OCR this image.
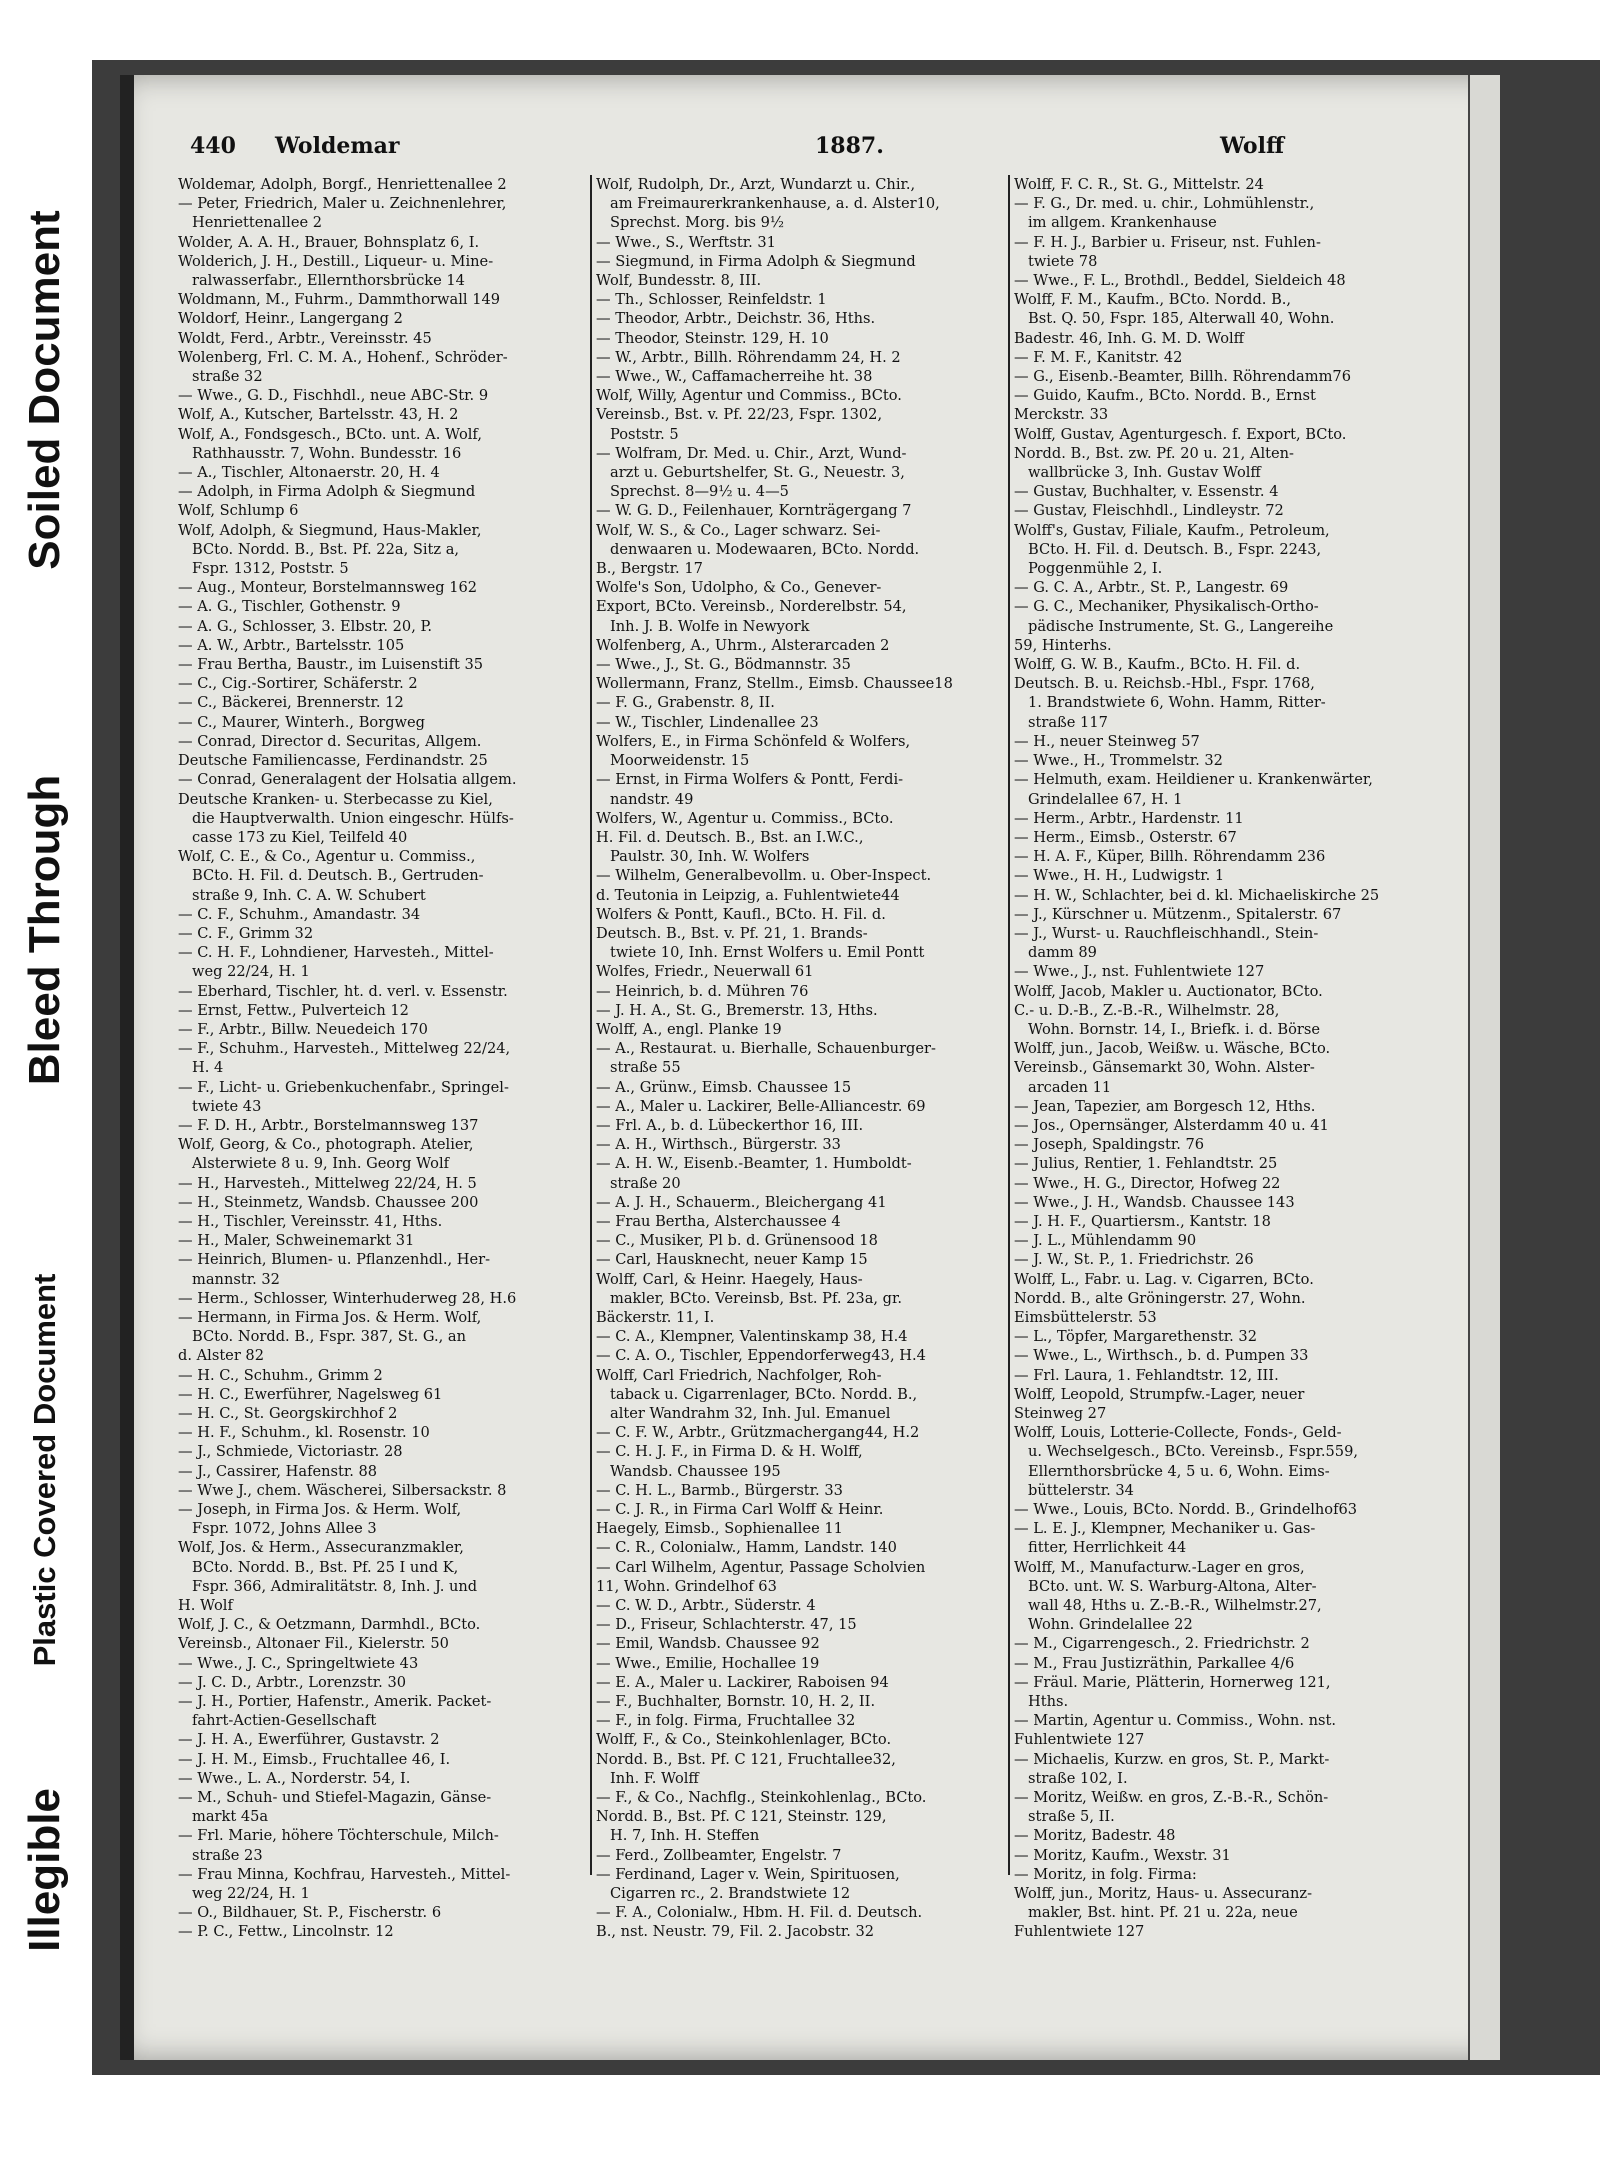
Soiled Document
Bleed Through
Plastic Covered Document
Illegible
440 Woldemar	1887.	Wolff
Woldemar, Adolph, Borgf., Henriettenallee 2
— Peter, Friedrich, Maler u. Zeichnenlehrer,
Henriettenallee 2
Wolder, A. A. H., Brauer, Bohnsplatz 6, I.
Wolderich, J. H., Destill., Liqueur- u. Mine-
ralwasserfabr., Ellernthorsbrücke 14
Woldmann, M., Fuhrm., Dammthorwall 149
Woldorf, Heinr., Langergang 2
Woldt, Ferd., Arbtr., Vereinsstr. 45
Wolenberg, Frl. C. M. A., Hohenf., Schröder-
straße 32
— Wwe., G. D., Fischhdl., neue ABC-Str. 9
Wolf, A., Kutscher, Bartelsstr. 43, H. 2
Wolf, A., Fondsgesch., BCto. unt. A. Wolf,
Rathhausstr. 7, Wohn. Bundesstr. 16
— A., Tischler, Altonaerstr. 20, H. 4
— Adolph, in Firma Adolph & Siegmund
Wolf, Schlump 6
Wolf, Adolph, & Siegmund, Haus-Makler,
BCto. Nordd. B., Bst. Pf. 22a, Sitz a,
Fspr. 1312, Poststr. 5
— Aug., Monteur, Borstelmannsweg 162
— A. G., Tischler, Gothenstr. 9
— A. G., Schlosser, 3. Elbstr. 20, P.
— A. W., Arbtr., Bartelsstr. 105
— Frau Bertha, Baustr., im Luisenstift 35
— C., Cig.-Sortirer, Schäferstr. 2
— C., Bäckerei, Brennerstr. 12
— C., Maurer, Winterh., Borgweg
— Conrad, Director d. Securitas, Allgem.
Deutsche Familiencasse, Ferdinandstr. 25
— Conrad, Generalagent der Holsatia allgem.
Deutsche Kranken- u. Sterbecasse zu Kiel,
die Hauptverwalth. Union eingeschr. Hülfs-
casse 173 zu Kiel, Teilfeld 40
Wolf, C. E., & Co., Agentur u. Commiss.,
BCto. H. Fil. d. Deutsch. B., Gertruden-
straße 9, Inh. C. A. W. Schubert
— C. F., Schuhm., Amandastr. 34
— C. F., Grimm 32
— C. H. F., Lohndiener, Harvesteh., Mittel-
weg 22/24, H. 1
— Eberhard, Tischler, ht. d. verl. v. Essenstr.
— Ernst, Fettw., Pulverteich 12
— F., Arbtr., Billw. Neuedeich 170
— F., Schuhm., Harvesteh., Mittelweg 22/24,
H. 4
— F., Licht- u. Griebenkuchenfabr., Springel-
twiete 43
— F. D. H., Arbtr., Borstelmannsweg 137
Wolf, Georg, & Co., photograph. Atelier,
Alsterwiete 8 u. 9, Inh. Georg Wolf
— H., Harvesteh., Mittelweg 22/24, H. 5
— H., Steinmetz, Wandsb. Chaussee 200
— H., Tischler, Vereinsstr. 41, Hths.
— H., Maler, Schweinemarkt 31
— Heinrich, Blumen- u. Pflanzenhdl., Her-
mannstr. 32
— Herm., Schlosser, Winterhuderweg 28, H.6
— Hermann, in Firma Jos. & Herm. Wolf,
BCto. Nordd. B., Fspr. 387, St. G., an
d. Alster 82
— H. C., Schuhm., Grimm 2
— H. C., Ewerführer, Nagelsweg 61
— H. C., St. Georgskirchhof 2
— H. F., Schuhm., kl. Rosenstr. 10
— J., Schmiede, Victoriastr. 28
— J., Cassirer, Hafenstr. 88
— Wwe J., chem. Wäscherei, Silbersackstr. 8
— Joseph, in Firma Jos. & Herm. Wolf,
Fspr. 1072, Johns Allee 3
Wolf, Jos. & Herm., Assecuranzmakler,
BCto. Nordd. B., Bst. Pf. 25 I und K,
Fspr. 366, Admiralitätstr. 8, Inh. J. und
H. Wolf
Wolf, J. C., & Oetzmann, Darmhdl., BCto.
Vereinsb., Altonaer Fil., Kielerstr. 50
— Wwe., J. C., Springeltwiete 43
— J. C. D., Arbtr., Lorenzstr. 30
— J. H., Portier, Hafenstr., Amerik. Packet-
fahrt-Actien-Gesellschaft
— J. H. A., Ewerführer, Gustavstr. 2
— J. H. M., Eimsb., Fruchtallee 46, I.
— Wwe., L. A., Norderstr. 54, I.
— M., Schuh- und Stiefel-Magazin, Gänse-
markt 45a
— Frl. Marie, höhere Töchterschule, Milch-
straße 23
— Frau Minna, Kochfrau, Harvesteh., Mittel-
weg 22/24, H. 1
— O., Bildhauer, St. P., Fischerstr. 6
— P. C., Fettw., Lincolnstr. 12
Wolf, Rudolph, Dr., Arzt, Wundarzt u. Chir.,
am Freimaurerkrankenhause, a. d. Alster10,
Sprechst. Morg. bis 9½
— Wwe., S., Werftstr. 31
— Siegmund, in Firma Adolph & Siegmund
Wolf, Bundesstr. 8, III.
— Th., Schlosser, Reinfeldstr. 1
— Theodor, Arbtr., Deichstr. 36, Hths.
— Theodor, Steinstr. 129, H. 10
— W., Arbtr., Billh. Röhrendamm 24, H. 2
— Wwe., W., Caffamacherreihe ht. 38
Wolf, Willy, Agentur und Commiss., BCto.
Vereinsb., Bst. v. Pf. 22/23, Fspr. 1302,
Poststr. 5
— Wolfram, Dr. Med. u. Chir., Arzt, Wund-
arzt u. Geburtshelfer, St. G., Neuestr. 3,
Sprechst. 8—9½ u. 4—5
— W. G. D., Feilenhauer, Kornträgergang 7
Wolf, W. S., & Co., Lager schwarz. Sei-
denwaaren u. Modewaaren, BCto. Nordd.
B., Bergstr. 17
Wolfe's Son, Udolpho, & Co., Genever-
Export, BCto. Vereinsb., Norderelbstr. 54,
Inh. J. B. Wolfe in Newyork
Wolfenberg, A., Uhrm., Alsterarcaden 2
— Wwe., J., St. G., Bödmannstr. 35
Wollermann, Franz, Stellm., Eimsb. Chaussee18
— F. G., Grabenstr. 8, II.
— W., Tischler, Lindenallee 23
Wolfers, E., in Firma Schönfeld & Wolfers,
Moorweidenstr. 15
— Ernst, in Firma Wolfers & Pontt, Ferdi-
nandstr. 49
Wolfers, W., Agentur u. Commiss., BCto.
H. Fil. d. Deutsch. B., Bst. an I.W.C.,
Paulstr. 30, Inh. W. Wolfers
— Wilhelm, Generalbevollm. u. Ober-Inspect.
d. Teutonia in Leipzig, a. Fuhlentwiete44
Wolfers & Pontt, Kaufl., BCto. H. Fil. d.
Deutsch. B., Bst. v. Pf. 21, 1. Brands-
twiete 10, Inh. Ernst Wolfers u. Emil Pontt
Wolfes, Friedr., Neuerwall 61
— Heinrich, b. d. Mühren 76
— J. H. A., St. G., Bremerstr. 13, Hths.
Wolff, A., engl. Planke 19
— A., Restaurat. u. Bierhalle, Schauenburger-
straße 55
— A., Grünw., Eimsb. Chaussee 15
— A., Maler u. Lackirer, Belle-Alliancestr. 69
— Frl. A., b. d. Lübeckerthor 16, III.
— A. H., Wirthsch., Bürgerstr. 33
— A. H. W., Eisenb.-Beamter, 1. Humboldt-
straße 20
— A. J. H., Schauerm., Bleichergang 41
— Frau Bertha, Alsterchaussee 4
— C., Musiker, Pl b. d. Grünensood 18
— Carl, Hausknecht, neuer Kamp 15
Wolff, Carl, & Heinr. Haegely, Haus-
makler, BCto. Vereinsb, Bst. Pf. 23a, gr.
Bäckerstr. 11, I.
— C. A., Klempner, Valentinskamp 38, H.4
— C. A. O., Tischler, Eppendorferweg43, H.4
Wolff, Carl Friedrich, Nachfolger, Roh-
taback u. Cigarrenlager, BCto. Nordd. B.,
alter Wandrahm 32, Inh. Jul. Emanuel
— C. F. W., Arbtr., Grützmachergang44, H.2
— C. H. J. F., in Firma D. & H. Wolff,
Wandsb. Chaussee 195
— C. H. L., Barmb., Bürgerstr. 33
— C. J. R., in Firma Carl Wolff & Heinr.
Haegely, Eimsb., Sophienallee 11
— C. R., Colonialw., Hamm, Landstr. 140
— Carl Wilhelm, Agentur, Passage Scholvien
11, Wohn. Grindelhof 63
— C. W. D., Arbtr., Süderstr. 4
— D., Friseur, Schlachterstr. 47, 15
— Emil, Wandsb. Chaussee 92
— Wwe., Emilie, Hochallee 19
— E. A., Maler u. Lackirer, Raboisen 94
— F., Buchhalter, Bornstr. 10, H. 2, II.
— F., in folg. Firma, Fruchtallee 32
Wolff, F., & Co., Steinkohlenlager, BCto.
Nordd. B., Bst. Pf. C 121, Fruchtallee32,
Inh. F. Wolff
— F., & Co., Nachflg., Steinkohlenlag., BCto.
Nordd. B., Bst. Pf. C 121, Steinstr. 129,
H. 7, Inh. H. Steffen
— Ferd., Zollbeamter, Engelstr. 7
— Ferdinand, Lager v. Wein, Spirituosen,
Cigarren rc., 2. Brandstwiete 12
— F. A., Colonialw., Hbm. H. Fil. d. Deutsch.
B., nst. Neustr. 79, Fil. 2. Jacobstr. 32
Wolff, F. C. R., St. G., Mittelstr. 24
— F. G., Dr. med. u. chir., Lohmühlenstr.,
im allgem. Krankenhause
— F. H. J., Barbier u. Friseur, nst. Fuhlen-
twiete 78
— Wwe., F. L., Brothdl., Beddel, Sieldeich 48
Wolff, F. M., Kaufm., BCto. Nordd. B.,
Bst. Q. 50, Fspr. 185, Alterwall 40, Wohn.
Badestr. 46, Inh. G. M. D. Wolff
— F. M. F., Kanitstr. 42
— G., Eisenb.-Beamter, Billh. Röhrendamm76
— Guido, Kaufm., BCto. Nordd. B., Ernst
Merckstr. 33
Wolff, Gustav, Agenturgesch. f. Export, BCto.
Nordd. B., Bst. zw. Pf. 20 u. 21, Alten-
wallbrücke 3, Inh. Gustav Wolff
— Gustav, Buchhalter, v. Essenstr. 4
— Gustav, Fleischhdl., Lindleystr. 72
Wolff's, Gustav, Filiale, Kaufm., Petroleum,
BCto. H. Fil. d. Deutsch. B., Fspr. 2243,
Poggenmühle 2, I.
— G. C. A., Arbtr., St. P., Langestr. 69
— G. C., Mechaniker, Physikalisch-Ortho-
pädische Instrumente, St. G., Langereihe
59, Hinterhs.
Wolff, G. W. B., Kaufm., BCto. H. Fil. d.
Deutsch. B. u. Reichsb.-Hbl., Fspr. 1768,
1. Brandstwiete 6, Wohn. Hamm, Ritter-
straße 117
— H., neuer Steinweg 57
— Wwe., H., Trommelstr. 32
— Helmuth, exam. Heildiener u. Krankenwärter,
Grindelallee 67, H. 1
— Herm., Arbtr., Hardenstr. 11
— Herm., Eimsb., Osterstr. 67
— H. A. F., Küper, Billh. Röhrendamm 236
— Wwe., H. H., Ludwigstr. 1
— H. W., Schlachter, bei d. kl. Michaeliskirche 25
— J., Kürschner u. Mützenm., Spitalerstr. 67
— J., Wurst- u. Rauchfleischhandl., Stein-
damm 89
— Wwe., J., nst. Fuhlentwiete 127
Wolff, Jacob, Makler u. Auctionator, BCto.
C.- u. D.-B., Z.-B.-R., Wilhelmstr. 28,
Wohn. Bornstr. 14, I., Briefk. i. d. Börse
Wolff, jun., Jacob, Weißw. u. Wäsche, BCto.
Vereinsb., Gänsemarkt 30, Wohn. Alster-
arcaden 11
— Jean, Tapezier, am Borgesch 12, Hths.
— Jos., Opernsänger, Alsterdamm 40 u. 41
— Joseph, Spaldingstr. 76
— Julius, Rentier, 1. Fehlandtstr. 25
— Wwe., H. G., Director, Hofweg 22
— Wwe., J. H., Wandsb. Chaussee 143
— J. H. F., Quartiersm., Kantstr. 18
— J. L., Mühlendamm 90
— J. W., St. P., 1. Friedrichstr. 26
Wolff, L., Fabr. u. Lag. v. Cigarren, BCto.
Nordd. B., alte Gröningerstr. 27, Wohn.
Eimsbüttelerstr. 53
— L., Töpfer, Margarethenstr. 32
— Wwe., L., Wirthsch., b. d. Pumpen 33
— Frl. Laura, 1. Fehlandtstr. 12, III.
Wolff, Leopold, Strumpfw.-Lager, neuer
Steinweg 27
Wolff, Louis, Lotterie-Collecte, Fonds-, Geld-
u. Wechselgesch., BCto. Vereinsb., Fspr.559,
Ellernthorsbrücke 4, 5 u. 6, Wohn. Eims-
büttelerstr. 34
— Wwe., Louis, BCto. Nordd. B., Grindelhof63
— L. E. J., Klempner, Mechaniker u. Gas-
fitter, Herrlichkeit 44
Wolff, M., Manufacturw.-Lager en gros,
BCto. unt. W. S. Warburg-Altona, Alter-
wall 48, Hths u. Z.-B.-R., Wilhelmstr.27,
Wohn. Grindelallee 22
— M., Cigarrengesch., 2. Friedrichstr. 2
— M., Frau Justizräthin, Parkallee 4/6
— Fräul. Marie, Plätterin, Hornerweg 121,
Hths.
— Martin, Agentur u. Commiss., Wohn. nst.
Fuhlentwiete 127
— Michaelis, Kurzw. en gros, St. P., Markt-
straße 102, I.
— Moritz, Weißw. en gros, Z.-B.-R., Schön-
straße 5, II.
— Moritz, Badestr. 48
— Moritz, Kaufm., Wexstr. 31
— Moritz, in folg. Firma:
Wolff, jun., Moritz, Haus- u. Assecuranz-
makler, Bst. hint. Pf. 21 u. 22a, neue
Fuhlentwiete 127
